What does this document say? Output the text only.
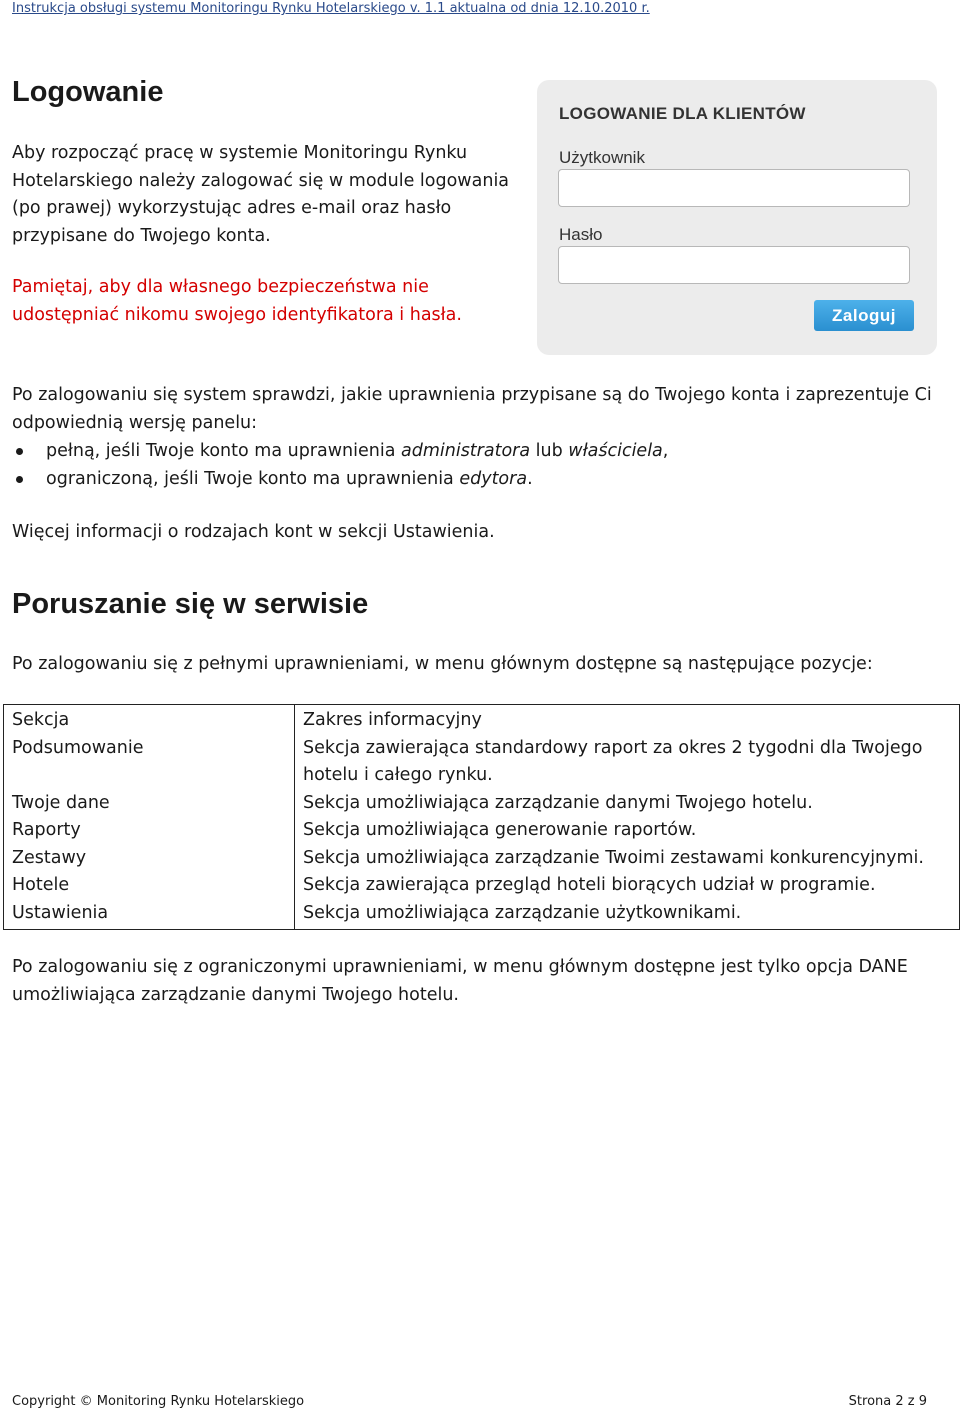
Instrukcja obsługi systemu Monitoringu Rynku Hotelarskiego v. 1.1 aktualna od dnia 12.10.2010 r.
Logowanie
Aby rozpocząć pracę w systemie Monitoringu Rynku Hotelarskiego należy zalogować się w module logowania (po prawej) wykorzystując adres e-mail oraz hasło przypisane do Twojego konta.
Pamiętaj, aby dla własnego bezpieczeństwa nie udostępniać nikomu swojego identyfikatora i hasła.
LOGOWANIE DLA KLIENTÓW
Użytkownik
Hasło
Zaloguj
Po zalogowaniu się system sprawdzi, jakie uprawnienia przypisane są do Twojego konta i zaprezentuje Ci odpowiednią wersję panelu:
pełną, jeśli Twoje konto ma uprawnienia administratora lub właściciela,
ograniczoną, jeśli Twoje konto ma uprawnienia edytora.
Więcej informacji o rodzajach kont w sekcji Ustawienia.
Poruszanie się w serwisie
Po zalogowaniu się z pełnymi uprawnieniami, w menu głównym dostępne są następujące pozycje:
Sekcja	Zakres informacyjny
Podsumowanie	Sekcja zawierająca standardowy raport za okres 2 tygodni dla Twojego hotelu i całego rynku.
Twoje dane	Sekcja umożliwiająca zarządzanie danymi Twojego hotelu.
Raporty	Sekcja umożliwiająca generowanie raportów.
Zestawy	Sekcja umożliwiająca zarządzanie Twoimi zestawami konkurencyjnymi.
Hotele	Sekcja zawierająca przegląd hoteli biorących udział w programie.
Ustawienia	Sekcja umożliwiająca zarządzanie użytkownikami.
Po zalogowaniu się z ograniczonymi uprawnieniami, w menu głównym dostępne jest tylko opcja DANE umożliwiająca zarządzanie danymi Twojego hotelu.
Copyright © Monitoring Rynku Hotelarskiego	Strona 2 z 9
